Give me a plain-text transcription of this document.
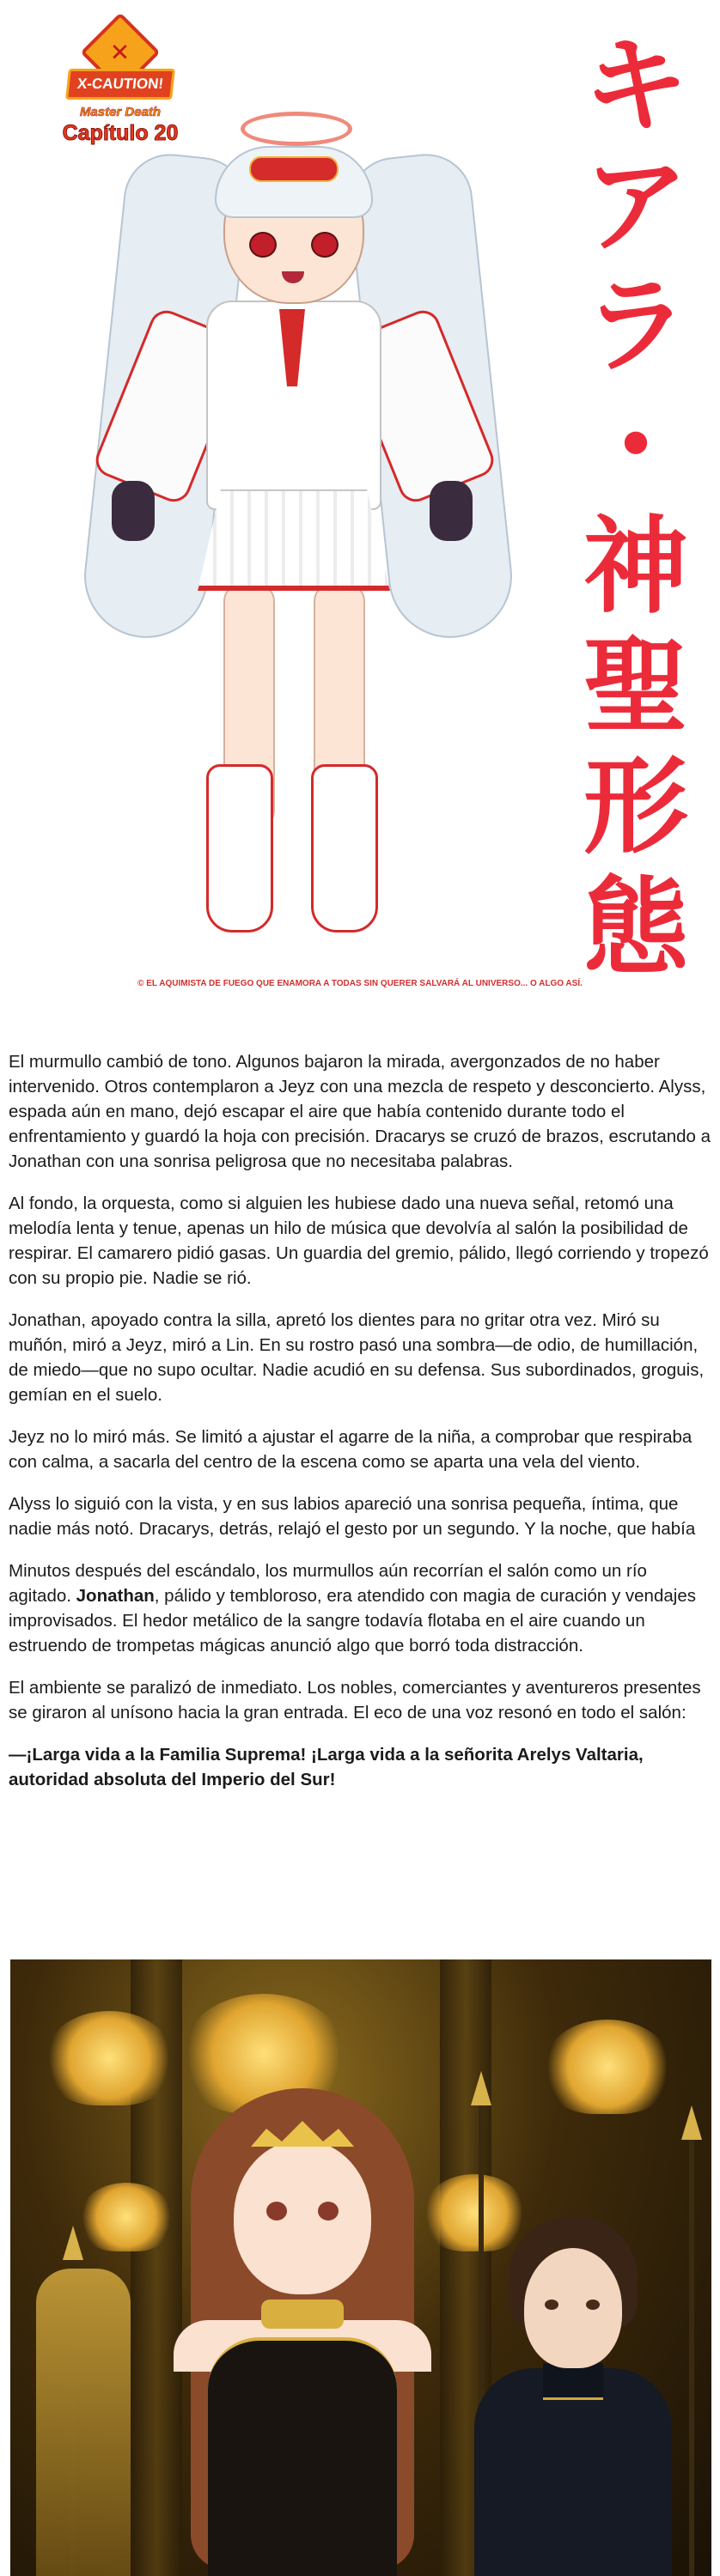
✕
X-CAUTION!
Master Death
Capítulo 20	キ
ア
ラ
・
神
聖
形
態
© EL AQUIMISTA DE FUEGO QUE ENAMORA A TODAS SIN QUERER SALVARÁ AL UNIVERSO... O ALGO ASÍ.

El murmullo cambió de tono. Algunos bajaron la mirada, avergonzados de no haber intervenido. Otros contemplaron a Jeyz con una mezcla de respeto y desconcierto. Alyss, espada aún en mano, dejó escapar el aire que había contenido durante todo el enfrentamiento y guardó la hoja con precisión. Dracarys se cruzó de brazos, escrutando a Jonathan con una sonrisa peligrosa que no necesitaba palabras.

Al fondo, la orquesta, como si alguien les hubiese dado una nueva señal, retomó una melodía lenta y tenue, apenas un hilo de música que devolvía al salón la posibilidad de respirar. El camarero pidió gasas. Un guardia del gremio, pálido, llegó corriendo y tropezó con su propio pie. Nadie se rió.

Jonathan, apoyado contra la silla, apretó los dientes para no gritar otra vez. Miró su muñón, miró a Jeyz, miró a Lin. En su rostro pasó una sombra—de odio, de humillación, de miedo—que no supo ocultar. Nadie acudió en su defensa. Sus subordinados, groguis, gemían en el suelo.

Jeyz no lo miró más. Se limitó a ajustar el agarre de la niña, a comprobar que respiraba con calma, a sacarla del centro de la escena como se aparta una vela del viento.

Alyss lo siguió con la vista, y en sus labios apareció una sonrisa pequeña, íntima, que nadie más notó. Dracarys, detrás, relajó el gesto por un segundo. Y la noche, que había

Minutos después del escándalo, los murmullos aún recorrían el salón como un río agitado. Jonathan, pálido y tembloroso, era atendido con magia de curación y vendajes improvisados. El hedor metálico de la sangre todavía flotaba en el aire cuando un estruendo de trompetas mágicas anunció algo que borró toda distracción.

El ambiente se paralizó de inmediato. Los nobles, comerciantes y aventureros presentes se giraron al unísono hacia la gran entrada. El eco de una voz resonó en todo el salón:

—¡Larga vida a la Familia Suprema! ¡Larga vida a la señorita Arelys Valtaria, autoridad absoluta del Imperio del Sur!
